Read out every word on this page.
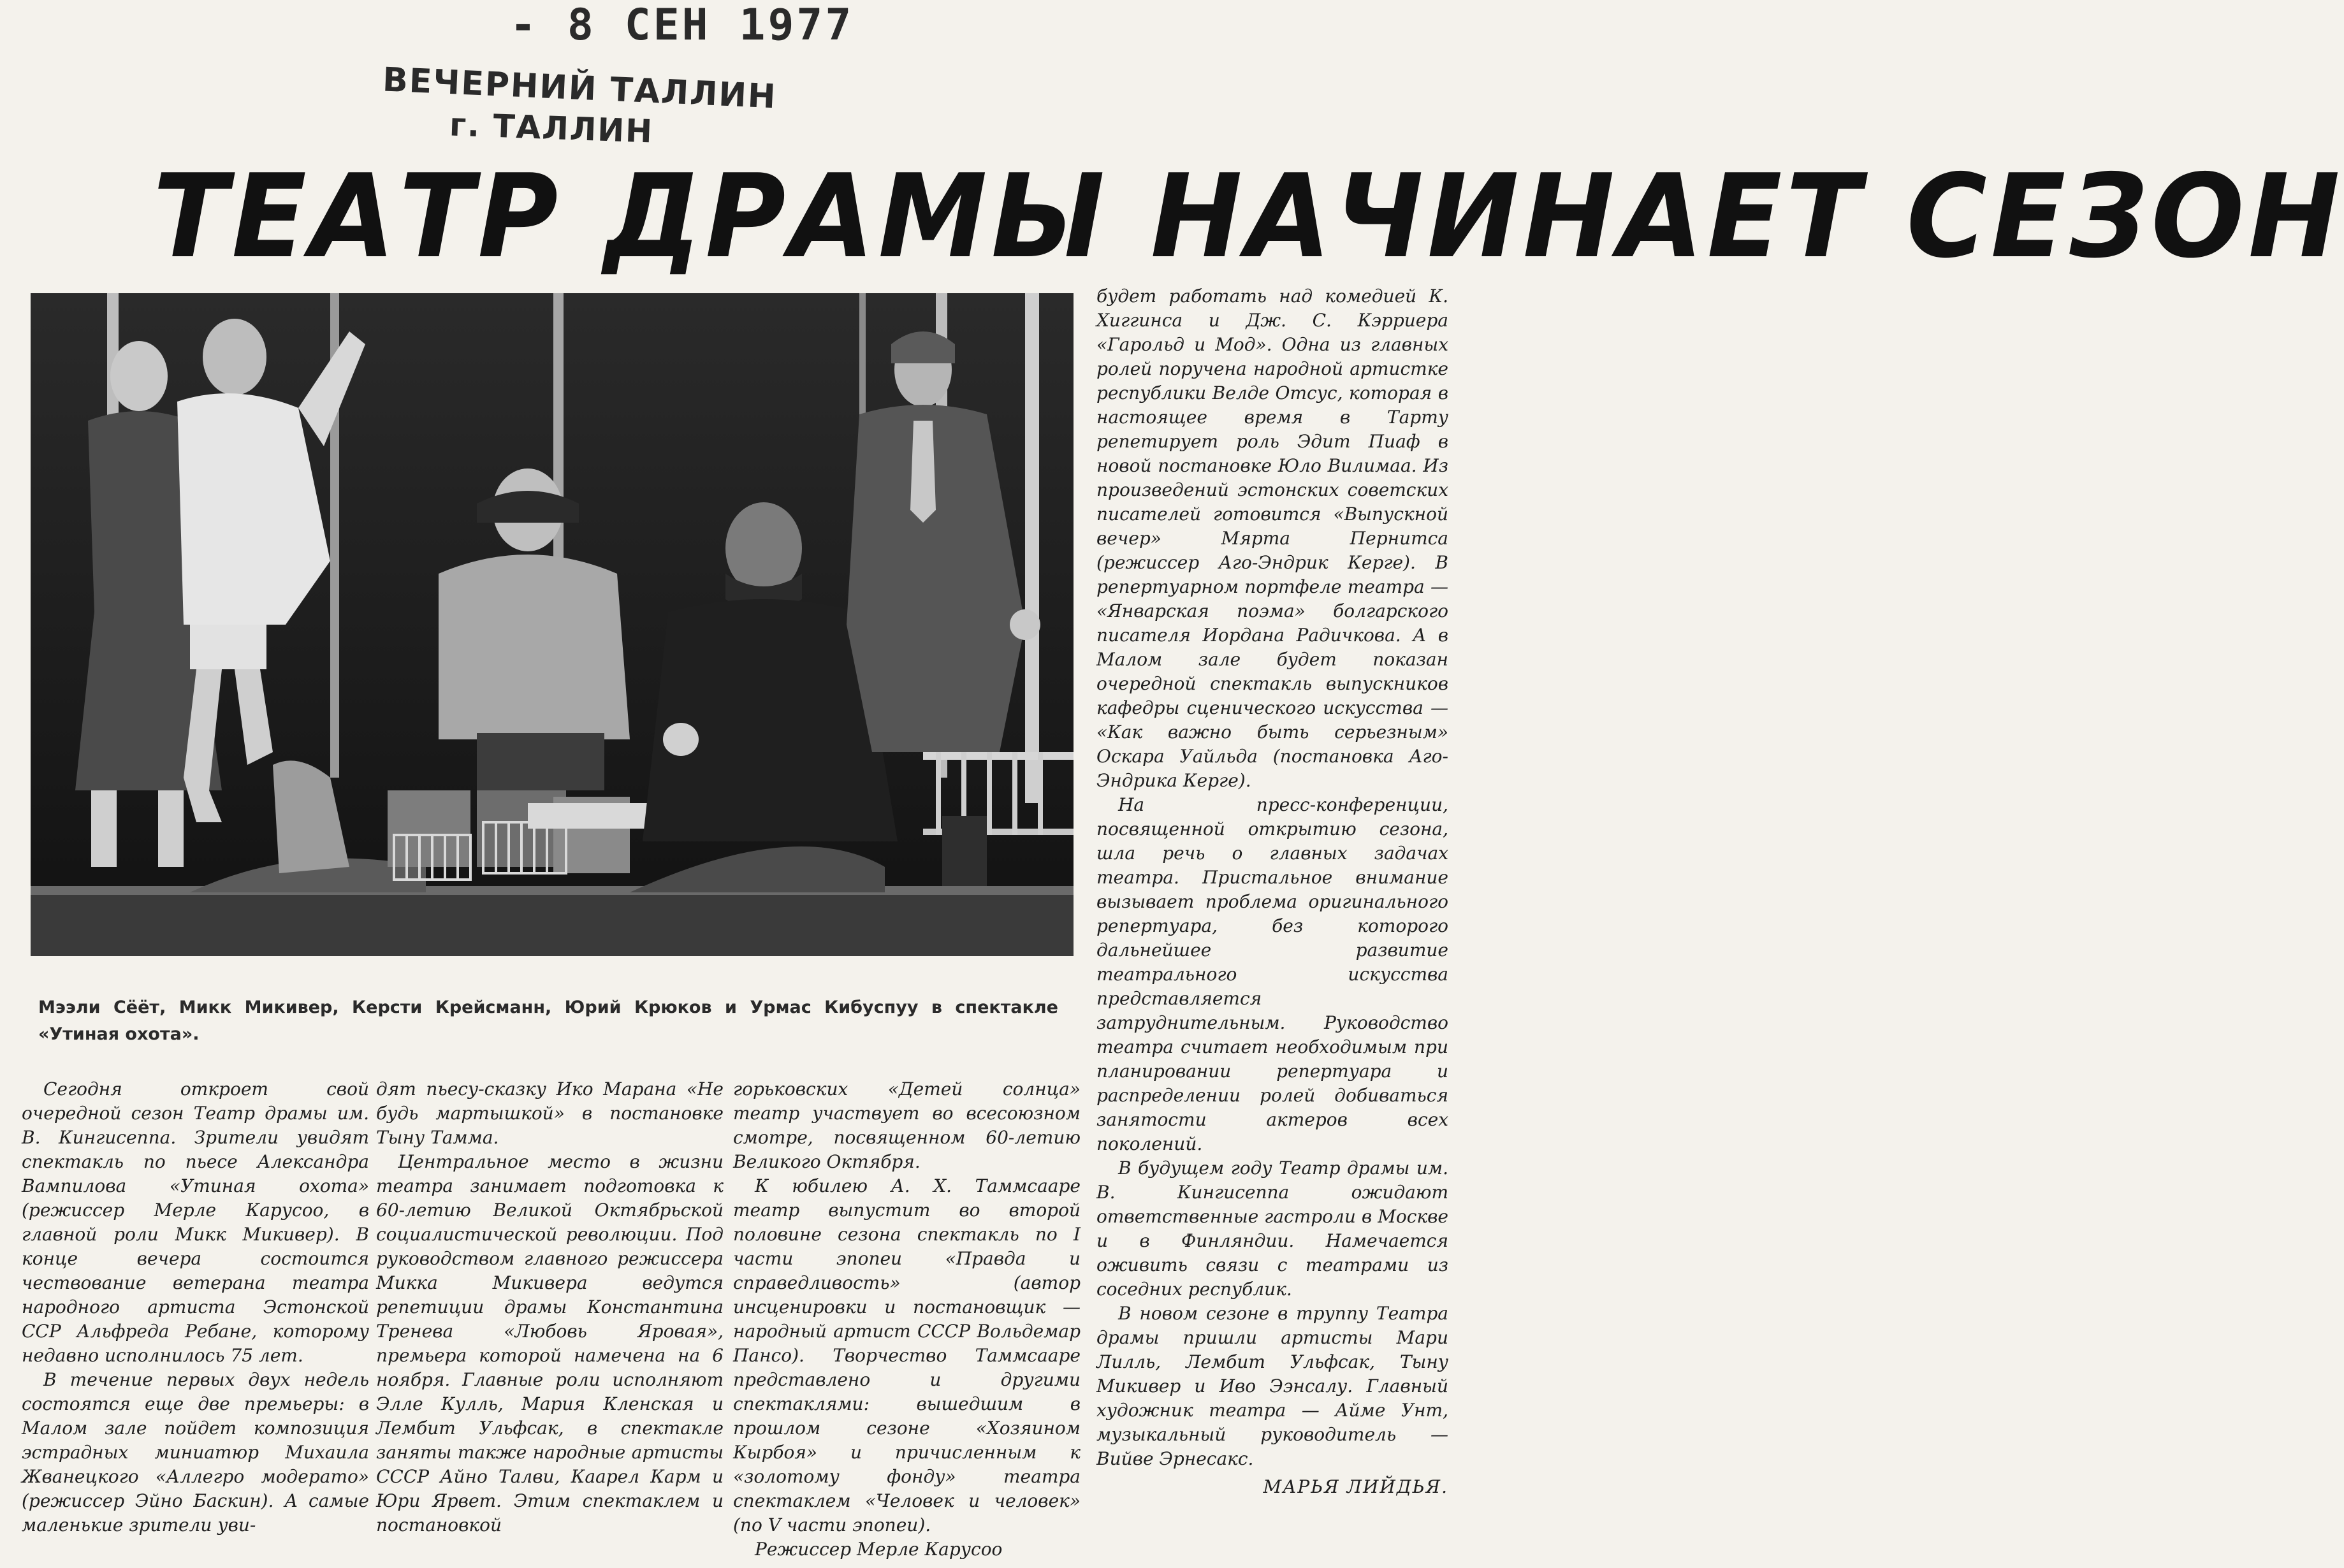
- 8 СЕН 1977
ВЕЧЕРНИЙ ТАЛЛИН
г. ТАЛЛИН
ТЕАТР ДРАМЫ НАЧИНАЕТ СЕЗОН
Мээли Сёёт, Микк Микивер, Керсти Крейсманн, Юрий Крюков и Урмас Кибуспуу в спектакле «Утиная охота».

будет работать над комедией К. Хиггинса и Дж. С. Кэрриера «Гарольд и Мод». Одна из главных ролей поручена народной артистке республики Велде Отсус, которая в настоящее время в Тарту репетирует роль Эдит Пиаф в новой постановке Юло Вилимаа. Из произведений эстонских советских писателей готовится «Выпускной вечер» Мярта Пернитса (режиссер Аго-Эндрик Керге). В репертуарном портфеле театра — «Январская поэма» болгарского писателя Иордана Радичкова. А в Малом зале будет показан очередной спектакль выпускников кафедры сценического искусства — «Как важно быть серьезным» Оскара Уайльда (постановка Аго-Эндрика Керге).

На пресс-конференции, посвященной открытию сезона, шла речь о главных задачах театра. Пристальное внимание вызывает проблема оригинального репертуара, без которого дальнейшее развитие театрального искусства представляется затруднительным. Руководство театра считает необходимым при планировании репертуара и распределении ролей добиваться занятости актеров всех поколений.

В будущем году Театр драмы им. В. Кингисеппа ожидают ответственные гастроли в Москве и в Финляндии. Намечается оживить связи с театрами из соседних республик.

В новом сезоне в труппу Театра драмы пришли артисты Мари Лилль, Лембит Ульфсак, Тыну Микивер и Иво Ээнсалу. Главный художник театра — Айме Унт, музыкальный руководитель — Вийве Эрнесакс.

МАРЬЯ ЛИЙДЬЯ.

Сегодня откроет свой очередной сезон Театр драмы им. В. Кингисеппа. Зрители увидят спектакль по пьесе Александра Вампилова «Утиная охота» (режиссер Мерле Карусоо, в главной роли Микк Микивер). В конце вечера состоится чествование ветерана театра народного артиста Эстонской ССР Альфреда Ребане, которому недавно исполнилось 75 лет.

В течение первых двух недель состоятся еще две премьеры: в Малом зале пойдет композиция эстрадных миниатюр Михаила Жванецкого «Аллегро модерато» (режиссер Эйно Баскин). А самые маленькие зрители уви-

дят пьесу-сказку Ико Марана «Не будь мартышкой» в постановке Тыну Тамма.

Центральное место в жизни театра занимает подготовка к 60-летию Великой Октябрьской социалистической революции. Под руководством главного режиссера Микка Микивера ведутся репетиции драмы Константина Тренева «Любовь Яровая», премьера которой намечена на 6 ноября. Главные роли исполняют Элле Кулль, Мария Кленская и Лембит Ульфсак, в спектакле заняты также народные артисты СССР Айно Талви, Каарел Карм и Юри Ярвет. Этим спектаклем и постановкой

горьковских «Детей солнца» театр участвует во всесоюзном смотре, посвященном 60-летию Великого Октября.

К юбилею А. Х. Таммсааре театр выпустит во второй половине сезона спектакль по I части эпопеи «Правда и справедливость» (автор инсценировки и постановщик — народный артист СССР Вольдемар Пансо). Творчество Таммсааре представлено и другими спектаклями: вышедшим в прошлом сезоне «Хозяином Кырбоя» и причисленным к «золотому фонду» театра спектаклем «Человек и человек» (по V части эпопеи).

Режиссер Мерле Карусоо
